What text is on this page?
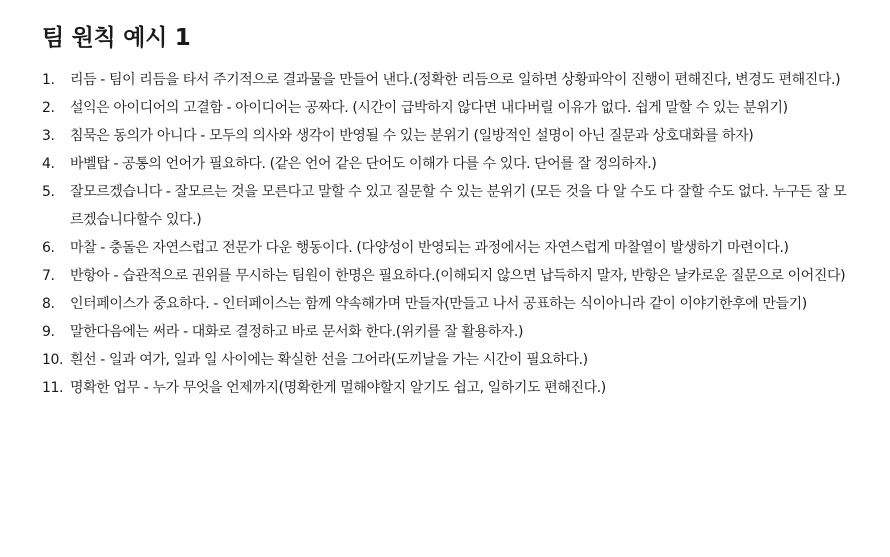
팀 원칙 예시 1
1.	리듬 - 팀이 리듬을 타서 주기적으로 결과물을 만들어 낸다.(정확한 리듬으로 일하면 상황파악이 진행이 편해진다, 변경도 편해진다.)
2.	설익은 아이디어의 고결함 - 아이디어는 공짜다. (시간이 급박하지 않다면 내다버릴 이유가 없다. 쉽게 말할 수 있는 분위기)
3.	침묵은 동의가 아니다 - 모두의 의사와 생각이 반영될 수 있는 분위기 (일방적인 설명이 아닌 질문과 상호대화를 하자)
4.	바벨탑 - 공통의 언어가 필요하다. (같은 언어 같은 단어도 이해가 다를 수 있다. 단어를 잘 정의하자.)
5.	잘모르겠습니다 - 잘모르는 것을 모른다고 말할 수 있고 질문할 수 있는 분위기 (모든 것을 다 알 수도 다 잘할 수도 없다. 누구든 잘 모르겠습니다할수 있다.)
6.	마찰 - 충돌은 자연스럽고 전문가 다운 행동이다. (다양성이 반영되는 과정에서는 자연스럽게 마찰열이 발생하기 마련이다.)
7.	반항아 - 습관적으로 권위를 무시하는 팀원이 한명은 필요하다.(이해되지 않으면 납득하지 말자, 반항은 날카로운 질문으로 이어진다)
8.	인터페이스가 중요하다. - 인터페이스는 함께 약속해가며 만들자(만들고 나서 공표하는 식이아니라 같이 이야기한후에 만들기)
9.	말한다음에는 써라 - 대화로 결정하고 바로 문서화 한다.(위키를 잘 활용하자.)
10. 흰선 - 일과 여가, 일과 일 사이에는 확실한 선을 그어라(도끼날을 가는 시간이 필요하다.)
11. 명확한 업무 - 누가 무엇을 언제까지(명확한게 멀해야할지 알기도 쉽고, 일하기도 편해진다.)
